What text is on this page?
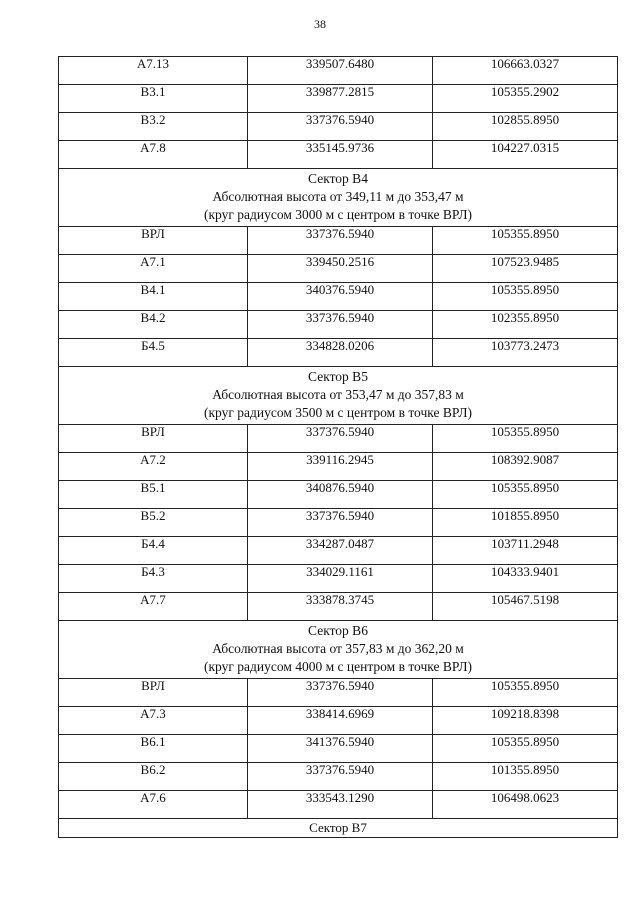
38
А7.13	339507.6480	106663.0327
В3.1	339877.2815	105355.2902
В3.2	337376.5940	102855.8950
А7.8	335145.9736	104227.0315

Сектор В4
Абсолютная высота от 349,11 м до 353,47 м
(круг радиусом 3000 м с центром в точке ВРЛ)		

ВРЛ	337376.5940	105355.8950
А7.1	339450.2516	107523.9485
В4.1	340376.5940	105355.8950
В4.2	337376.5940	102355.8950
Б4.5	334828.0206	103773.2473

Сектор В5
Абсолютная высота от 353,47 м до 357,83 м
(круг радиусом 3500 м с центром в точке ВРЛ)		

ВРЛ	337376.5940	105355.8950
А7.2	339116.2945	108392.9087
В5.1	340876.5940	105355.8950
В5.2	337376.5940	101855.8950
Б4.4	334287.0487	103711.2948
Б4.3	334029.1161	104333.9401
А7.7	333878.3745	105467.5198

Сектор В6
Абсолютная высота от 357,83 м до 362,20 м
(круг радиусом 4000 м с центром в точке ВРЛ)		

ВРЛ	337376.5940	105355.8950
А7.3	338414.6969	109218.8398
В6.1	341376.5940	105355.8950
В6.2	337376.5940	101355.8950
А7.6	333543.1290	106498.0623
Сектор В7		
